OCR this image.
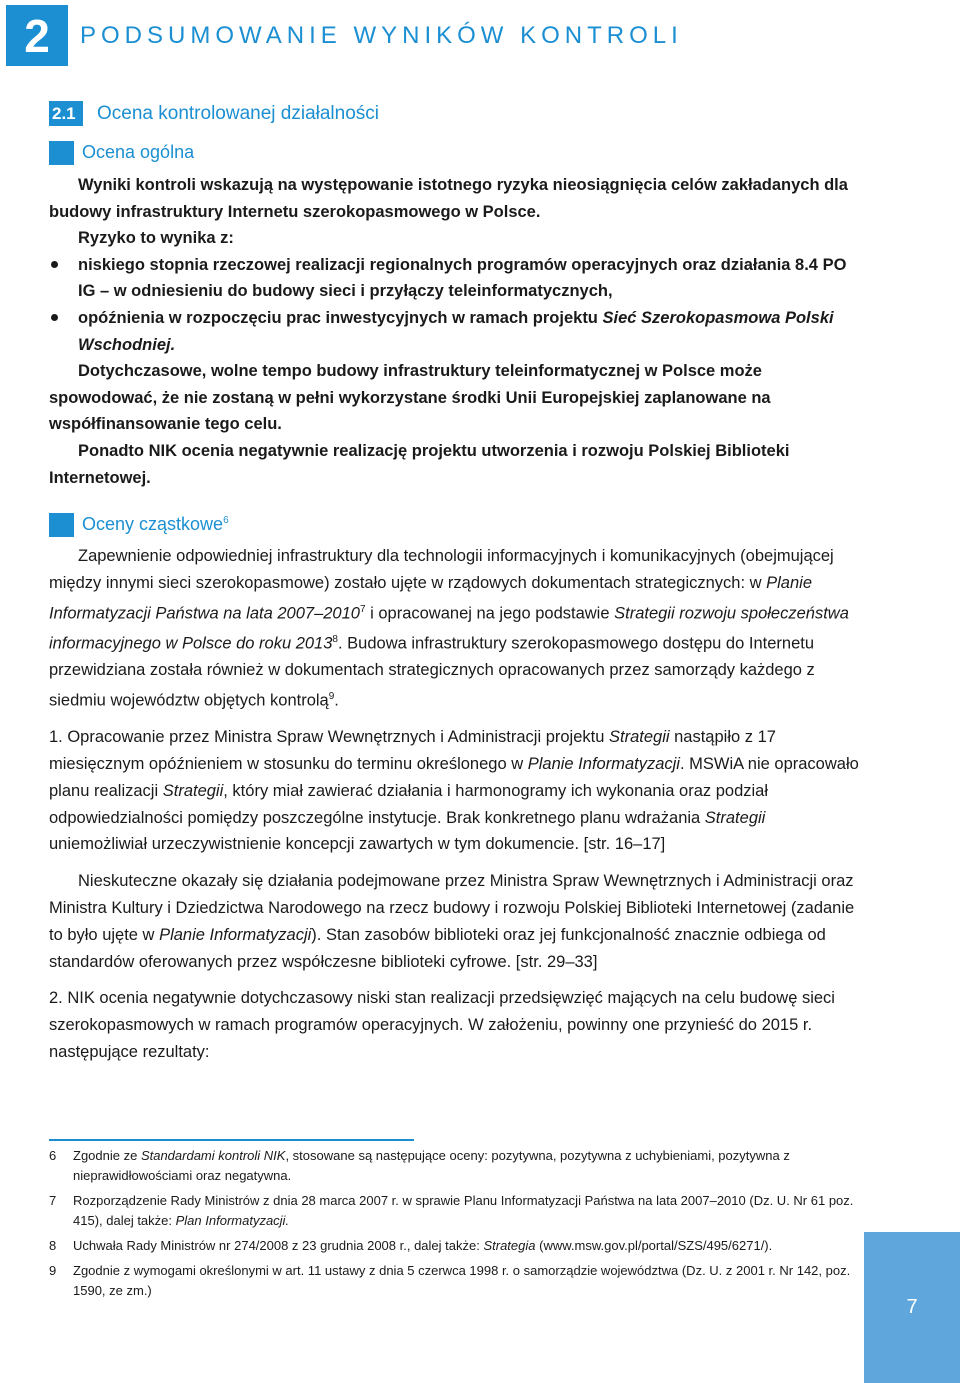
2	PODSUMOWANIE WYNIKÓW KONTROLI
2.1	Ocena kontrolowanej działalności
Ocena ogólna

Wyniki kontroli wskazują na występowanie istotnego ryzyka nieosiągnięcia celów zakładanych dla budowy infrastruktury Internetu szerokopasmowego w Polsce.

Ryzyko to wynika z:

niskiego stopnia rzeczowej realizacji regionalnych programów operacyjnych oraz działania 8.4 PO IG – w odniesieniu do budowy sieci i przyłączy teleinformatycznych,

opóźnienia w rozpoczęciu prac inwestycyjnych w ramach projektu Sieć Szerokopasmowa Polski Wschodniej.

Dotychczasowe, wolne tempo budowy infrastruktury teleinformatycznej w Polsce może spowodować, że nie zostaną w pełni wykorzystane środki Unii Europejskiej zaplanowane na współfinansowanie tego celu.

Ponadto NIK ocenia negatywnie realizację projektu utworzenia i rozwoju Polskiej Biblioteki Internetowej.

Oceny cząstkowe$^6$

Zapewnienie odpowiedniej infrastruktury dla technologii informacyjnych i komunikacyjnych (obejmującej między innymi sieci szerokopasmowe) zostało ujęte w rządowych dokumentach strategicznych: w Planie Informatyzacji Państwa na lata 2007–2010$^7$ i opracowanej na jego podstawie Strategii rozwoju społeczeństwa informacyjnego w Polsce do roku 2013$^8$. Budowa infrastruktury szerokopasmowego dostępu do Internetu przewidziana została również w dokumentach strategicznych opracowanych przez samorządy każdego z siedmiu województw objętych kontrolą$^9$.

1. Opracowanie przez Ministra Spraw Wewnętrznych i Administracji projektu Strategii nastąpiło z 17 miesięcznym opóźnieniem w stosunku do terminu określonego w Planie Informatyzacji. MSWiA nie opracowało planu realizacji Strategii, który miał zawierać działania i harmonogramy ich wykonania oraz podział odpowiedzialności pomiędzy poszczególne instytucje. Brak konkretnego planu wdrażania Strategii uniemożliwiał urzeczywistnienie koncepcji zawartych w tym dokumencie. [str. 16–17]

Nieskuteczne okazały się działania podejmowane przez Ministra Spraw Wewnętrznych i Administracji oraz Ministra Kultury i Dziedzictwa Narodowego na rzecz budowy i rozwoju Polskiej Biblioteki Internetowej (zadanie to było ujęte w Planie Informatyzacji). Stan zasobów biblioteki oraz jej funkcjonalność znacznie odbiega od standardów oferowanych przez współczesne biblioteki cyfrowe. [str. 29–33]

2. NIK ocenia negatywnie dotychczasowy niski stan realizacji przedsięwzięć mających na celu budowę sieci szerokopasmowych w ramach programów operacyjnych. W założeniu, powinny one przynieść do 2015 r. następujące rezultaty:

6	Zgodnie ze Standardami kontroli NIK, stosowane są następujące oceny: pozytywna, pozytywna z uchybieniami, pozytywna z nieprawidłowościami oraz negatywna.
7	Rozporządzenie Rady Ministrów z dnia 28 marca 2007 r. w sprawie Planu Informatyzacji Państwa na lata 2007–2010 (Dz. U. Nr 61 poz. 415), dalej także: Plan Informatyzacji.
8	Uchwała Rady Ministrów nr 274/2008 z 23 grudnia 2008 r., dalej także: Strategia (www.msw.gov.pl/portal/SZS/495/6271/).
9	Zgodnie z wymogami określonymi w art. 11 ustawy z dnia 5 czerwca 1998 r. o samorządzie województwa (Dz. U. z 2001 r. Nr 142, poz. 1590, ze zm.)
7
